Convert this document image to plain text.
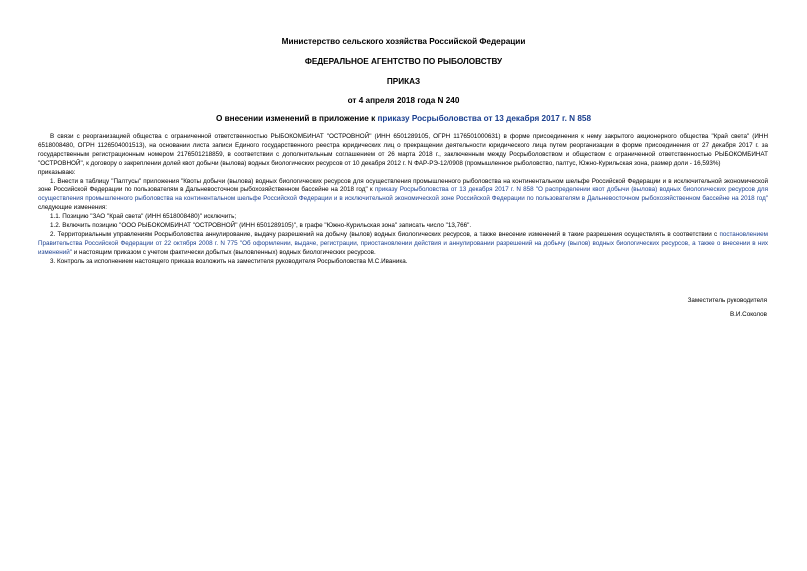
Министерство сельского хозяйства Российской Федерации
ФЕДЕРАЛЬНОЕ АГЕНТСТВО ПО РЫБОЛОВСТВУ
ПРИКАЗ
от 4 апреля 2018 года N 240
О внесении изменений в приложение к приказу Росрыболовства от 13 декабря 2017 г. N 858

В связи с реорганизацией общества с ограниченной ответственностью РЫБОКОМБИНАТ "ОСТРОВНОЙ" (ИНН 6501289105, ОГРН 1176501000631) в форме присоединения к нему закрытого акционерного общества "Край света" (ИНН 6518008480, ОГРН 1126504001513), на основании листа записи Единого государственного реестра юридических лиц о прекращении деятельности юридического лица путем реорганизации в форме присоединения от 27 декабря 2017 г. за государственным регистрационным номером 2176501218859, в соответствии с дополнительным соглашением от 26 марта 2018 г., заключенным между Росрыболовством и обществом с ограниченной ответственностью РЫБОКОМБИНАТ "ОСТРОВНОЙ", к договору о закреплении долей квот добычи (вылова) водных биологических ресурсов от 10 декабря 2012 г. N ФАР-РЭ-12/0908 (промышленное рыболовство, палтус, Южно-Курильская зона, размер доли - 16,593%)

приказываю:

1. Внести в таблицу "Палтусы" приложения "Квоты добычи (вылова) водных биологических ресурсов для осуществления промышленного рыболовства на континентальном шельфе Российской Федерации и в исключительной экономической зоне Российской Федерации по пользователям в Дальневосточном рыбохозяйственном бассейне на 2018 год" к приказу Росрыболовства от 13 декабря 2017 г. N 858 "О распределении квот добычи (вылова) водных биологических ресурсов для осуществления промышленного рыболовства на континентальном шельфе Российской Федерации и в исключительной экономической зоне Российской Федерации по пользователям в Дальневосточном рыбохозяйственном бассейне на 2018 год" следующие изменения:

1.1. Позицию "ЗАО "Край света" (ИНН 6518008480)" исключить;

1.2. Включить позицию "ООО РЫБОКОМБИНАТ "ОСТРОВНОЙ" (ИНН 6501289105)", в графе "Южно-Курильская зона" записать число "13,766".

2. Территориальным управлениям Росрыболовства аннулирование, выдачу разрешений на добычу (вылов) водных биологических ресурсов, а также внесение изменений в такие разрешения осуществлять в соответствии с постановлением Правительства Российской Федерации от 22 октября 2008 г. N 775 "Об оформлении, выдаче, регистрации, приостановлении действия и аннулировании разрешений на добычу (вылов) водных биологических ресурсов, а также о внесении в них изменений" и настоящим приказом с учетом фактически добытых (выловленных) водных биологических ресурсов.

3. Контроль за исполнением настоящего приказа возложить на заместителя руководителя Росрыболовства М.С.Иваника.

Заместитель руководителя
В.И.Соколов
